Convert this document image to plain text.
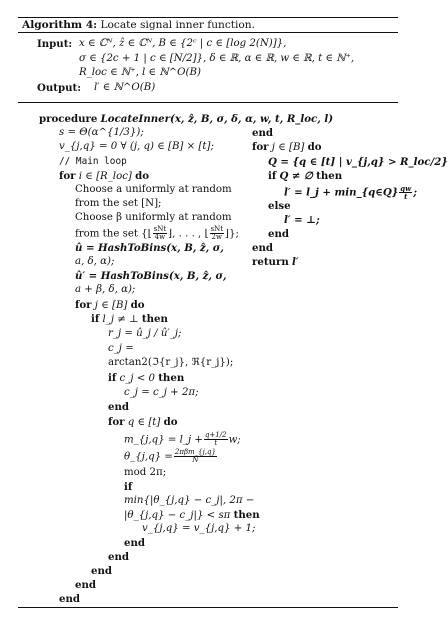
Algorithm 4: Locate signal inner function.
Input: x ∈ ℂᴺ, ẑ ∈ ℂᴺ, B ∈ {2ᶜ | c ∈ [log 2(N)]},
σ ∈ {2c + 1 | c ∈ [N/2]}, δ ∈ ℝ, α ∈ ℝ, w ∈ ℝ, t ∈ ℕ⁺,
R_loc ∈ ℕ⁺, l ∈ ℕ^O(B)
Output: l′ ∈ ℕ^O(B)
procedure LocateInner(x, ẑ, B, σ, δ, α, w, t, R_loc, l)
s = Θ(α^{1/3});
v_{j,q} = 0 ∀ (j, q) ∈ [B] × [t];
// Main loop
for i ∈ [R_loc] do
Choose a uniformly at random
from the set [N];
Choose β uniformly at random
from the set {⌊ $\frac{\text{sNt}}{4w}$ ⌋, . . . , ⌊ $\frac{\text{sNt}}{2w}$ ⌋};
û = HashToBins(x, B, ẑ, σ,
a, δ, α);
û′ = HashToBins(x, B, ẑ, σ,
a + β, δ, α);
for j ∈ [B] do
if l_j ≠ ⊥ then
r_j = û_j / û′_j;
c_j =
arctan2(ℑ{r_j}, ℜ{r_j});
if c_j < 0 then
c_j = c_j + 2π;
end
for q ∈ [t] do
m_{j,q} = l_j + $\frac{q+1/2}{t} w$;
θ_{j,q} = $\frac{\text{2πβm\_\{j,q\}}}{N}$
mod 2π;
if
min{|θ_{j,q} − c_j|, 2π −
|θ_{j,q} − c_j|} < sπ then
v_{j,q} = v_{j,q} + 1;
end
end
end
end
end
end
for j ∈ [B] do
Q = {q ∈ [t] | v_{j,q} > R_loc/2}
if Q ≠ ∅ then
l′ = l_j + min_{q∈Q} $\frac{qw}{t}$ ;
else
l′ = ⊥;
end
end
return l′
